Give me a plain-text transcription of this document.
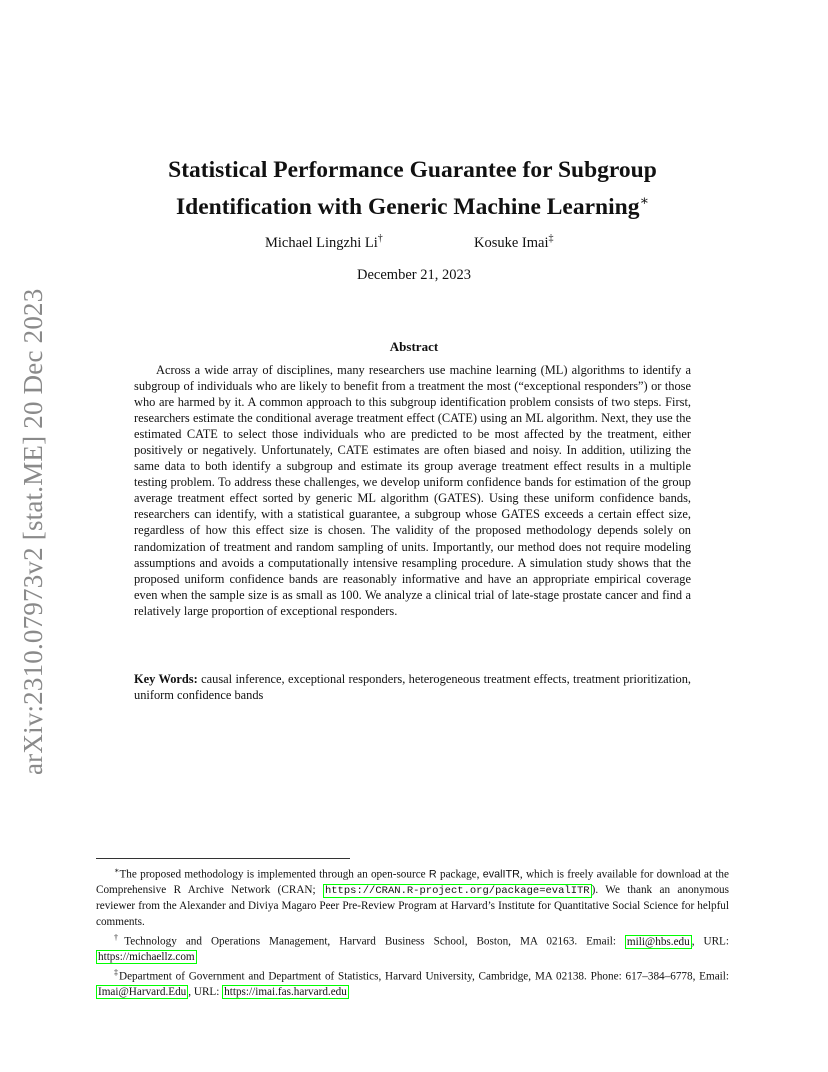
arXiv:2310.07973v2 [stat.ME] 20 Dec 2023
Statistical Performance Guarantee for Subgroup Identification with Generic Machine Learning∗
Michael Lingzhi Li†	Kosuke Imai‡
December 21, 2023
Abstract

Across a wide array of disciplines, many researchers use machine learning (ML) algorithms to identify a subgroup of individuals who are likely to benefit from a treatment the most (“exceptional responders”) or those who are harmed by it. A common approach to this subgroup identification problem consists of two steps. First, researchers estimate the conditional average treatment effect (CATE) using an ML algorithm. Next, they use the estimated CATE to select those individuals who are predicted to be most affected by the treatment, either positively or negatively. Unfortunately, CATE estimates are often biased and noisy. In addition, utilizing the same data to both identify a subgroup and estimate its group average treatment effect results in a multiple testing problem. To address these challenges, we develop uniform confidence bands for estimation of the group average treatment effect sorted by generic ML algorithm (GATES). Using these uniform confidence bands, researchers can identify, with a statistical guarantee, a subgroup whose GATES exceeds a certain effect size, regardless of how this effect size is chosen. The validity of the proposed methodology depends solely on randomization of treatment and random sampling of units. Importantly, our method does not require modeling assumptions and avoids a computationally intensive resampling procedure. A simulation study shows that the proposed uniform confidence bands are reasonably informative and have an appropriate empirical coverage even when the sample size is as small as 100. We analyze a clinical trial of late-stage prostate cancer and find a relatively large proportion of exceptional responders.

Key Words: causal inference, exceptional responders, heterogeneous treatment effects, treatment prioritization, uniform confidence bands

∗The proposed methodology is implemented through an open-source R package, evalITR, which is freely available for download at the Comprehensive R Archive Network (CRAN; https://CRAN.R-project.org/package=evalITR ). We thank an anonymous reviewer from the Alexander and Diviya Magaro Peer Pre-Review Program at Harvard’s Institute for Quantitative Social Science for helpful comments.

†Technology and Operations Management, Harvard Business School, Boston, MA 02163. Email: mili@hbs.edu , URL: https://michaellz.com

‡Department of Government and Department of Statistics, Harvard University, Cambridge, MA 02138. Phone: 617–384–6778, Email: Imai@Harvard.Edu , URL: https://imai.fas.harvard.edu
